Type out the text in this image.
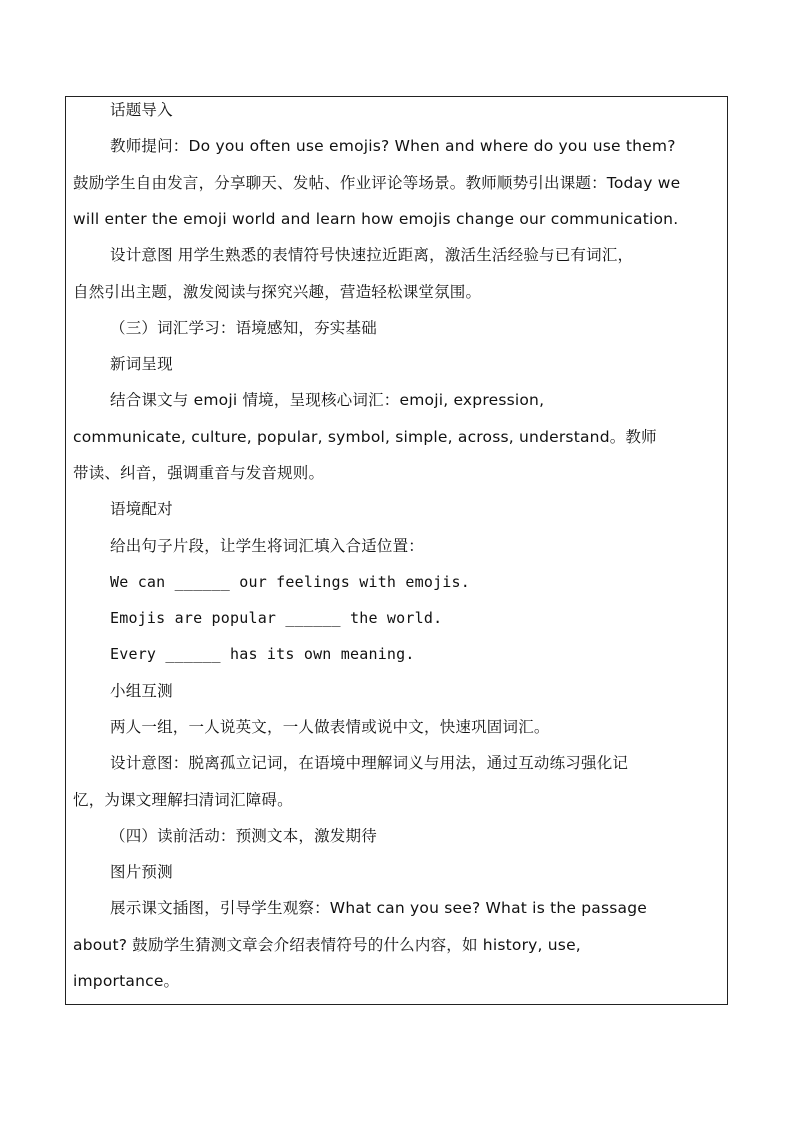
话题导入
教师提问：Do you often use emojis? When and where do you use them?
鼓励学生自由发言，分享聊天、发帖、作业评论等场景。教师顺势引出课题：Today we
will enter the emoji world and learn how emojis change our communication.
设计意图 用学生熟悉的表情符号快速拉近距离，激活生活经验与已有词汇，
自然引出主题，激发阅读与探究兴趣，营造轻松课堂氛围。
（三）词汇学习：语境感知，夯实基础
新词呈现
结合课文与 emoji 情境，呈现核心词汇：emoji, expression,
communicate, culture, popular, symbol, simple, across, understand。教师
带读、纠音，强调重音与发音规则。
语境配对
给出句子片段，让学生将词汇填入合适位置：
We can ______ our feelings with emojis.
Emojis are popular ______ the world.
Every ______ has its own meaning.
小组互测
两人一组，一人说英文，一人做表情或说中文，快速巩固词汇。
设计意图：脱离孤立记词，在语境中理解词义与用法，通过互动练习强化记
忆，为课文理解扫清词汇障碍。
（四）读前活动：预测文本，激发期待
图片预测
展示课文插图，引导学生观察：What can you see? What is the passage
about? 鼓励学生猜测文章会介绍表情符号的什么内容，如 history, use,
importance。
